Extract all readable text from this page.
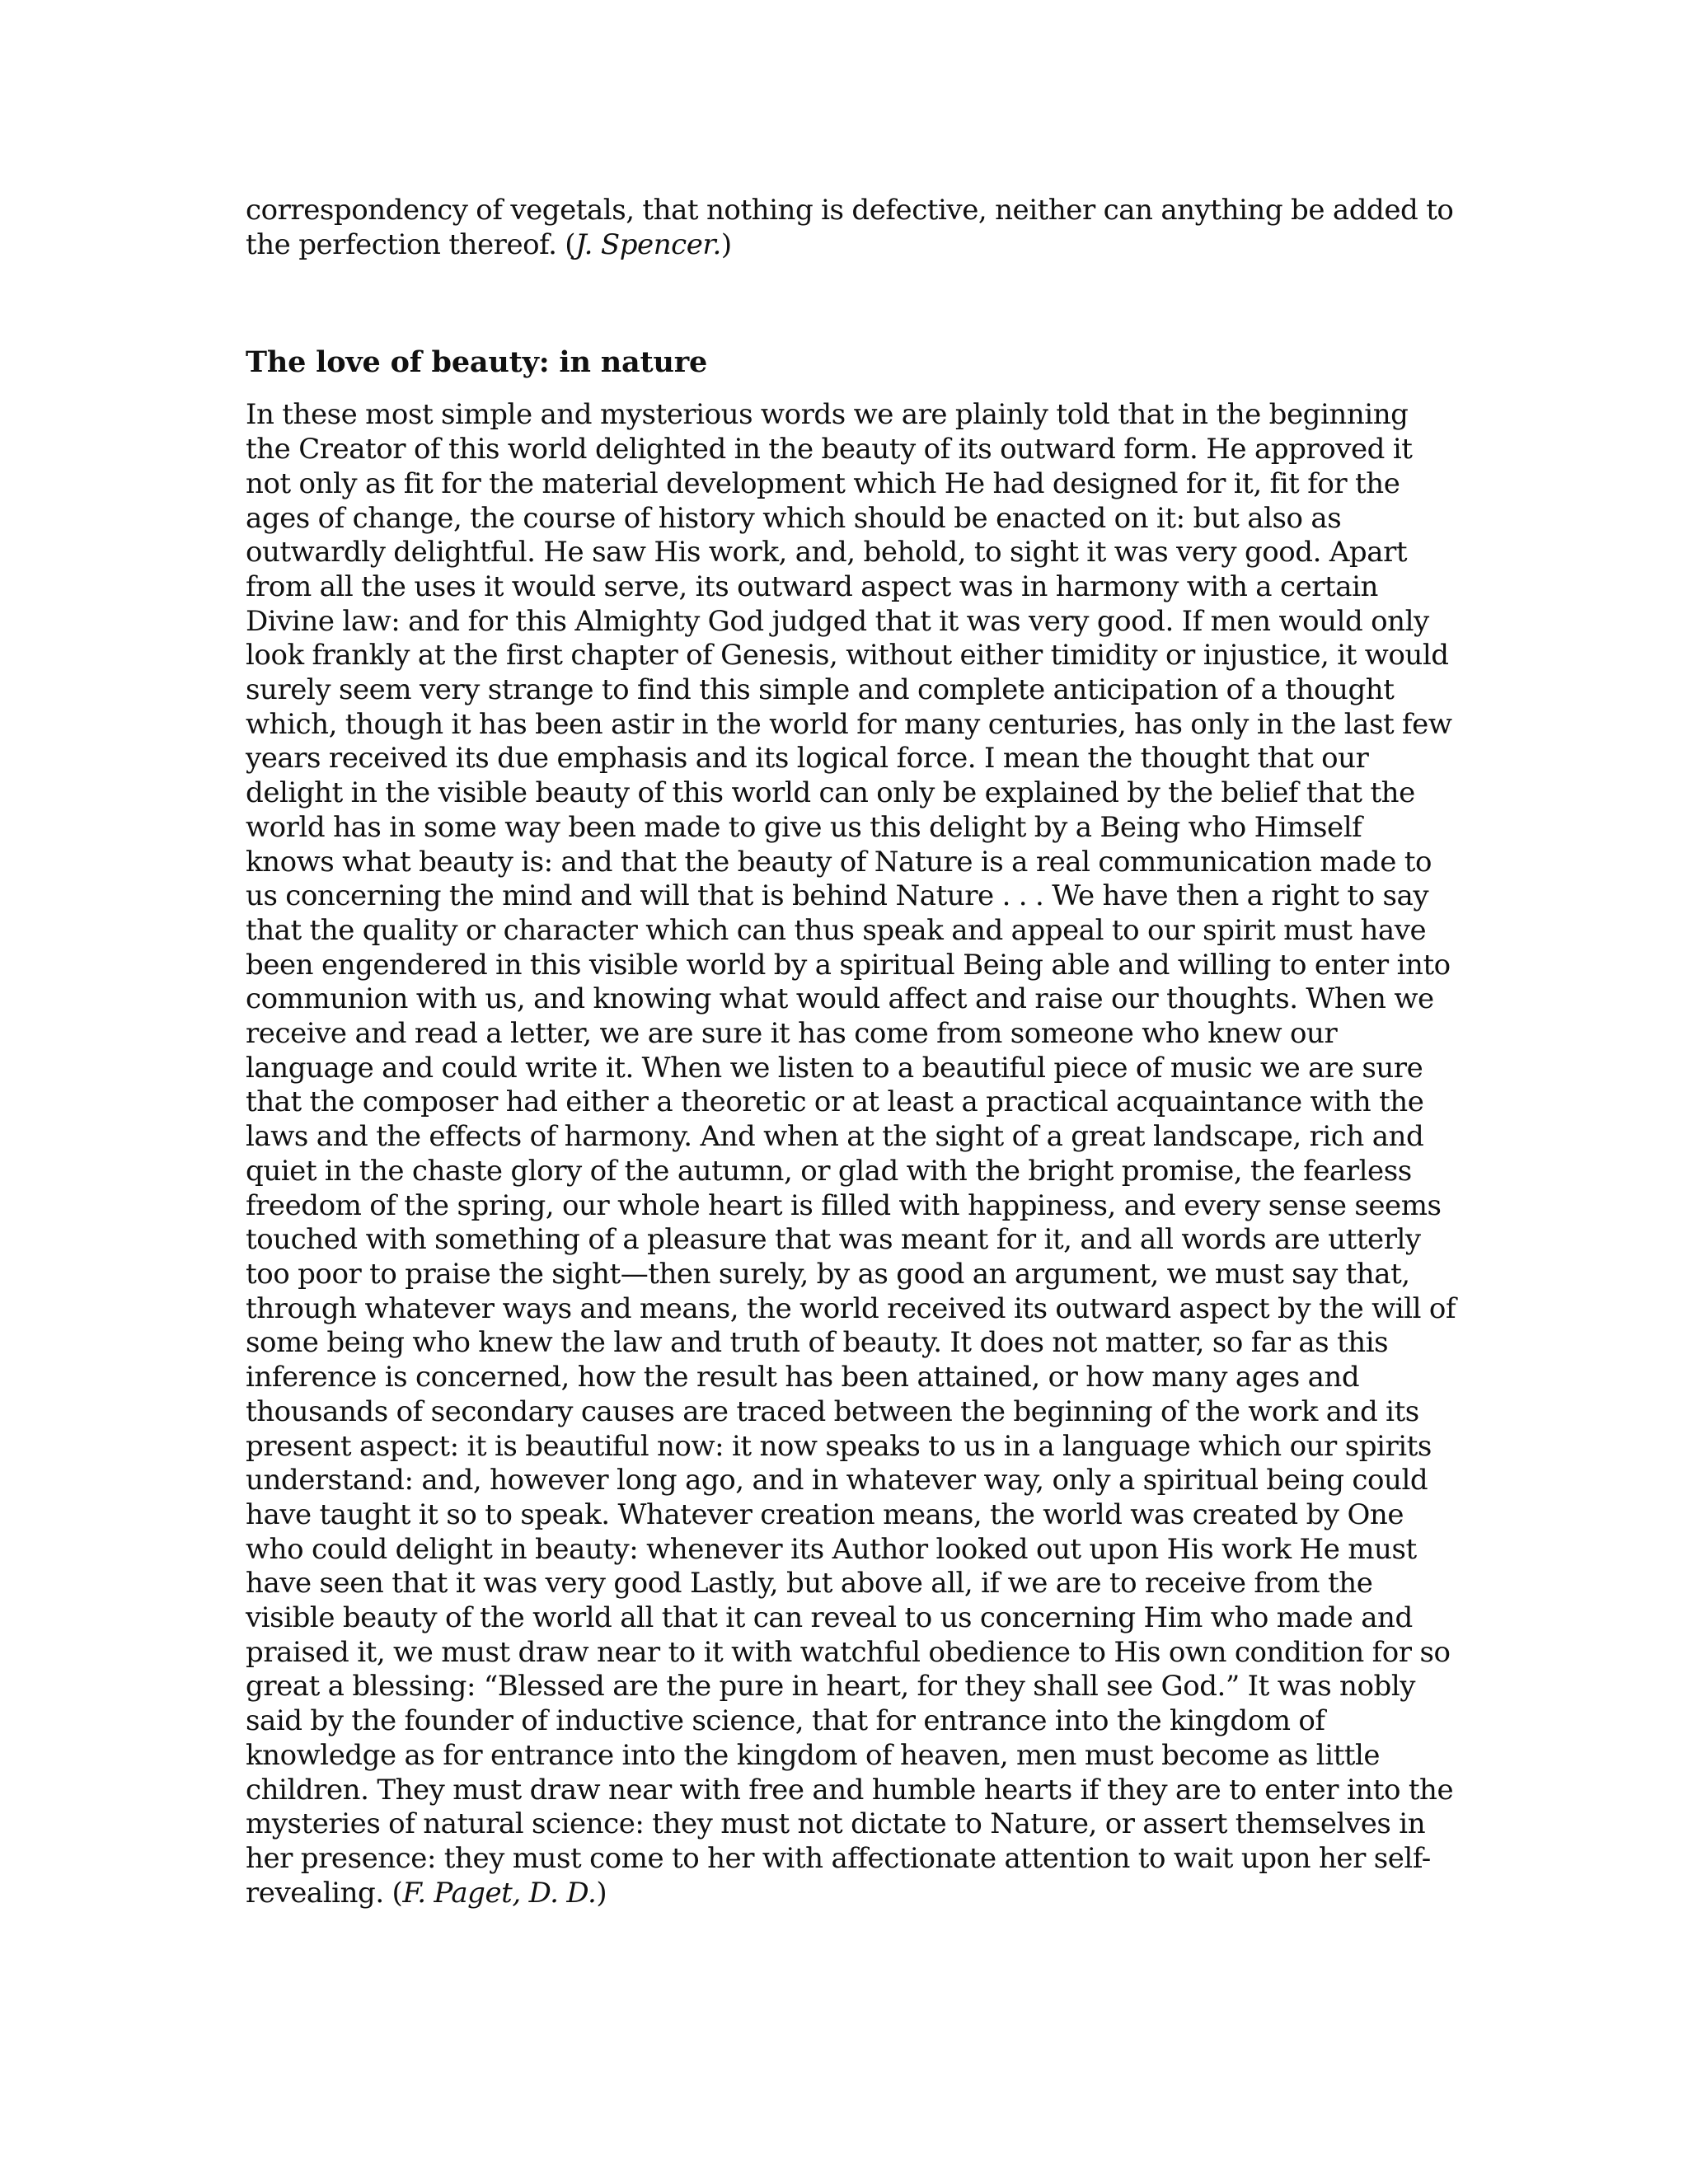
correspondency of vegetals, that nothing is defective, neither can anything be added to the perfection thereof. (J. Spencer.)

The love of beauty: in nature

In these most simple and mysterious words we are plainly told that in the beginning the Creator of this world delighted in the beauty of its outward form. He approved it not only as fit for the material development which He had designed for it, fit for the ages of change, the course of history which should be enacted on it: but also as outwardly delightful. He saw His work, and, behold, to sight it was very good. Apart from all the uses it would serve, its outward aspect was in harmony with a certain Divine law: and for this Almighty God judged that it was very good. If men would only look frankly at the first chapter of Genesis, without either timidity or injustice, it would surely seem very strange to find this simple and complete anticipation of a thought which, though it has been astir in the world for many centuries, has only in the last few years received its due emphasis and its logical force. I mean the thought that our delight in the visible beauty of this world can only be explained by the belief that the world has in some way been made to give us this delight by a Being who Himself knows what beauty is: and that the beauty of Nature is a real communication made to us concerning the mind and will that is behind Nature . . . We have then a right to say that the quality or character which can thus speak and appeal to our spirit must have been engendered in this visible world by a spiritual Being able and willing to enter into communion with us, and knowing what would affect and raise our thoughts. When we receive and read a letter, we are sure it has come from someone who knew our language and could write it. When we listen to a beautiful piece of music we are sure that the composer had either a theoretic or at least a practical acquaintance with the laws and the effects of harmony. And when at the sight of a great landscape, rich and quiet in the chaste glory of the autumn, or glad with the bright promise, the fearless freedom of the spring, our whole heart is filled with happiness, and every sense seems touched with something of a pleasure that was meant for it, and all words are utterly too poor to praise the sight—then surely, by as good an argument, we must say that, through whatever ways and means, the world received its outward aspect by the will of some being who knew the law and truth of beauty. It does not matter, so far as this inference is concerned, how the result has been attained, or how many ages and thousands of secondary causes are traced between the beginning of the work and its present aspect: it is beautiful now: it now speaks to us in a language which our spirits understand: and, however long ago, and in whatever way, only a spiritual being could have taught it so to speak. Whatever creation means, the world was created by One who could delight in beauty: whenever its Author looked out upon His work He must have seen that it was very good Lastly, but above all, if we are to receive from the visible beauty of the world all that it can reveal to us concerning Him who made and praised it, we must draw near to it with watchful obedience to His own condition for so great a blessing: “Blessed are the pure in heart, for they shall see God.” It was nobly said by the founder of inductive science, that for entrance into the kingdom of knowledge as for entrance into the kingdom of heaven, men must become as little children. They must draw near with free and humble hearts if they are to enter into the mysteries of natural science: they must not dictate to Nature, or assert themselves in her presence: they must come to her with affectionate attention to wait upon her self-revealing. (F. Paget, D. D.)
